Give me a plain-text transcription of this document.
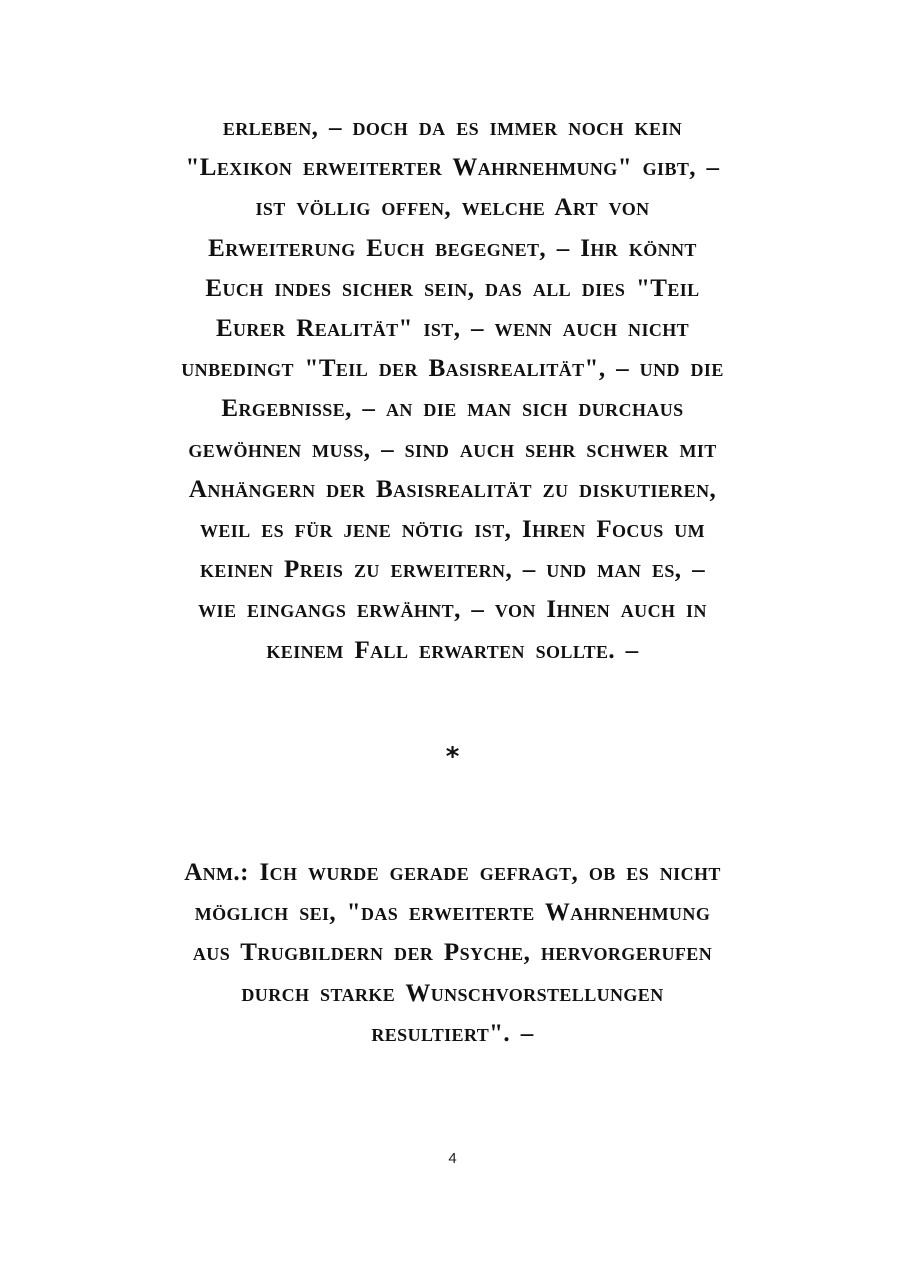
erleben, – doch da es immer noch kein
"Lexikon erweiterter Wahrnehmung" gibt, –
ist völlig offen, welche Art von
Erweiterung Euch begegnet, – Ihr könnt
Euch indes sicher sein, das all dies "Teil
Eurer Realität" ist, – wenn auch nicht
unbedingt "Teil der Basisrealität", – und die
Ergebnisse, – an die man sich durchaus
gewöhnen muss, – sind auch sehr schwer mit
Anhängern der Basisrealität zu diskutieren,
weil es für jene nötig ist, Ihren Focus um
keinen Preis zu erweitern, – und man es, –
wie eingangs erwähnt, – von Ihnen auch in
keinem Fall erwarten sollte. –
*
Anm.: Ich wurde gerade gefragt, ob es nicht
möglich sei, "das erweiterte Wahrnehmung
aus Trugbildern der Psyche, hervorgerufen
durch starke Wunschvorstellungen
resultiert". –
4
